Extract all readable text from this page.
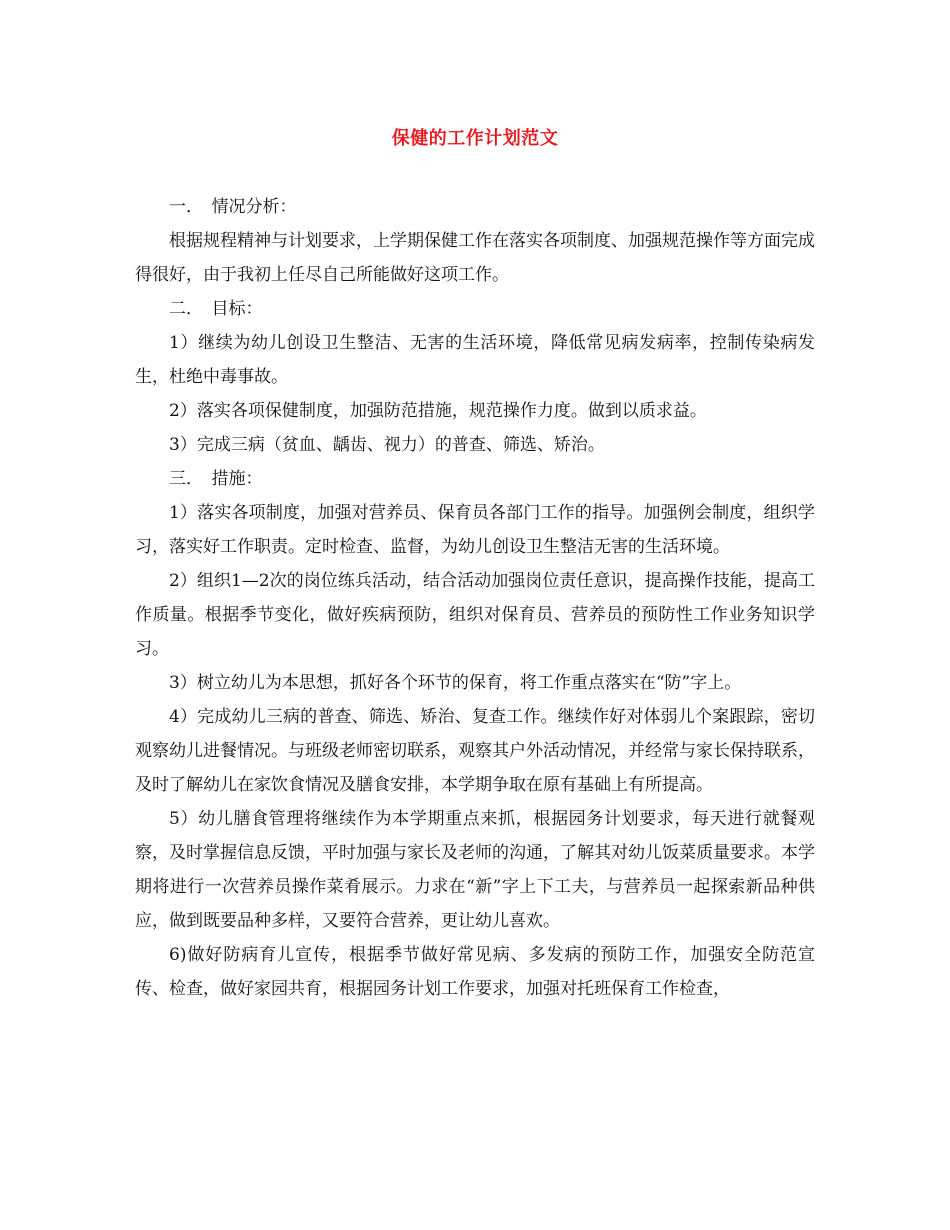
保健的工作计划范文

一．　情况分析：

根据规程精神与计划要求，上学期保健工作在落实各项制度、加强规范操作等方面完成得很好，由于我初上任尽自己所能做好这项工作。

二．　目标：

1）继续为幼儿创设卫生整洁、无害的生活环境，降低常见病发病率，控制传染病发生，杜绝中毒事故。

2）落实各项保健制度，加强防范措施，规范操作力度。做到以质求益。

3）完成三病（贫血、龋齿、视力）的普查、筛选、矫治。

三．　措施：

1）落实各项制度，加强对营养员、保育员各部门工作的指导。加强例会制度，组织学习，落实好工作职责。定时检查、监督，为幼儿创设卫生整洁无害的生活环境。

2）组织1—2次的岗位练兵活动，结合活动加强岗位责任意识，提高操作技能，提高工作质量。根据季节变化，做好疾病预防，组织对保育员、营养员的预防性工作业务知识学习。

3）树立幼儿为本思想，抓好各个环节的保育，将工作重点落实在“防”字上。

4）完成幼儿三病的普查、筛选、矫治、复查工作。继续作好对体弱儿个案跟踪，密切观察幼儿进餐情况。与班级老师密切联系，观察其户外活动情况，并经常与家长保持联系，及时了解幼儿在家饮食情况及膳食安排，本学期争取在原有基础上有所提高。

5）幼儿膳食管理将继续作为本学期重点来抓，根据园务计划要求，每天进行就餐观察，及时掌握信息反馈，平时加强与家长及老师的沟通，了解其对幼儿饭菜质量要求。本学期将进行一次营养员操作菜肴展示。力求在“新”字上下工夫，与营养员一起探索新品种供应，做到既要品种多样，又要符合营养，更让幼儿喜欢。

6)做好防病育儿宣传，根据季节做好常见病、多发病的预防工作，加强安全防范宣传、检查，做好家园共育，根据园务计划工作要求，加强对托班保育工作检查，
